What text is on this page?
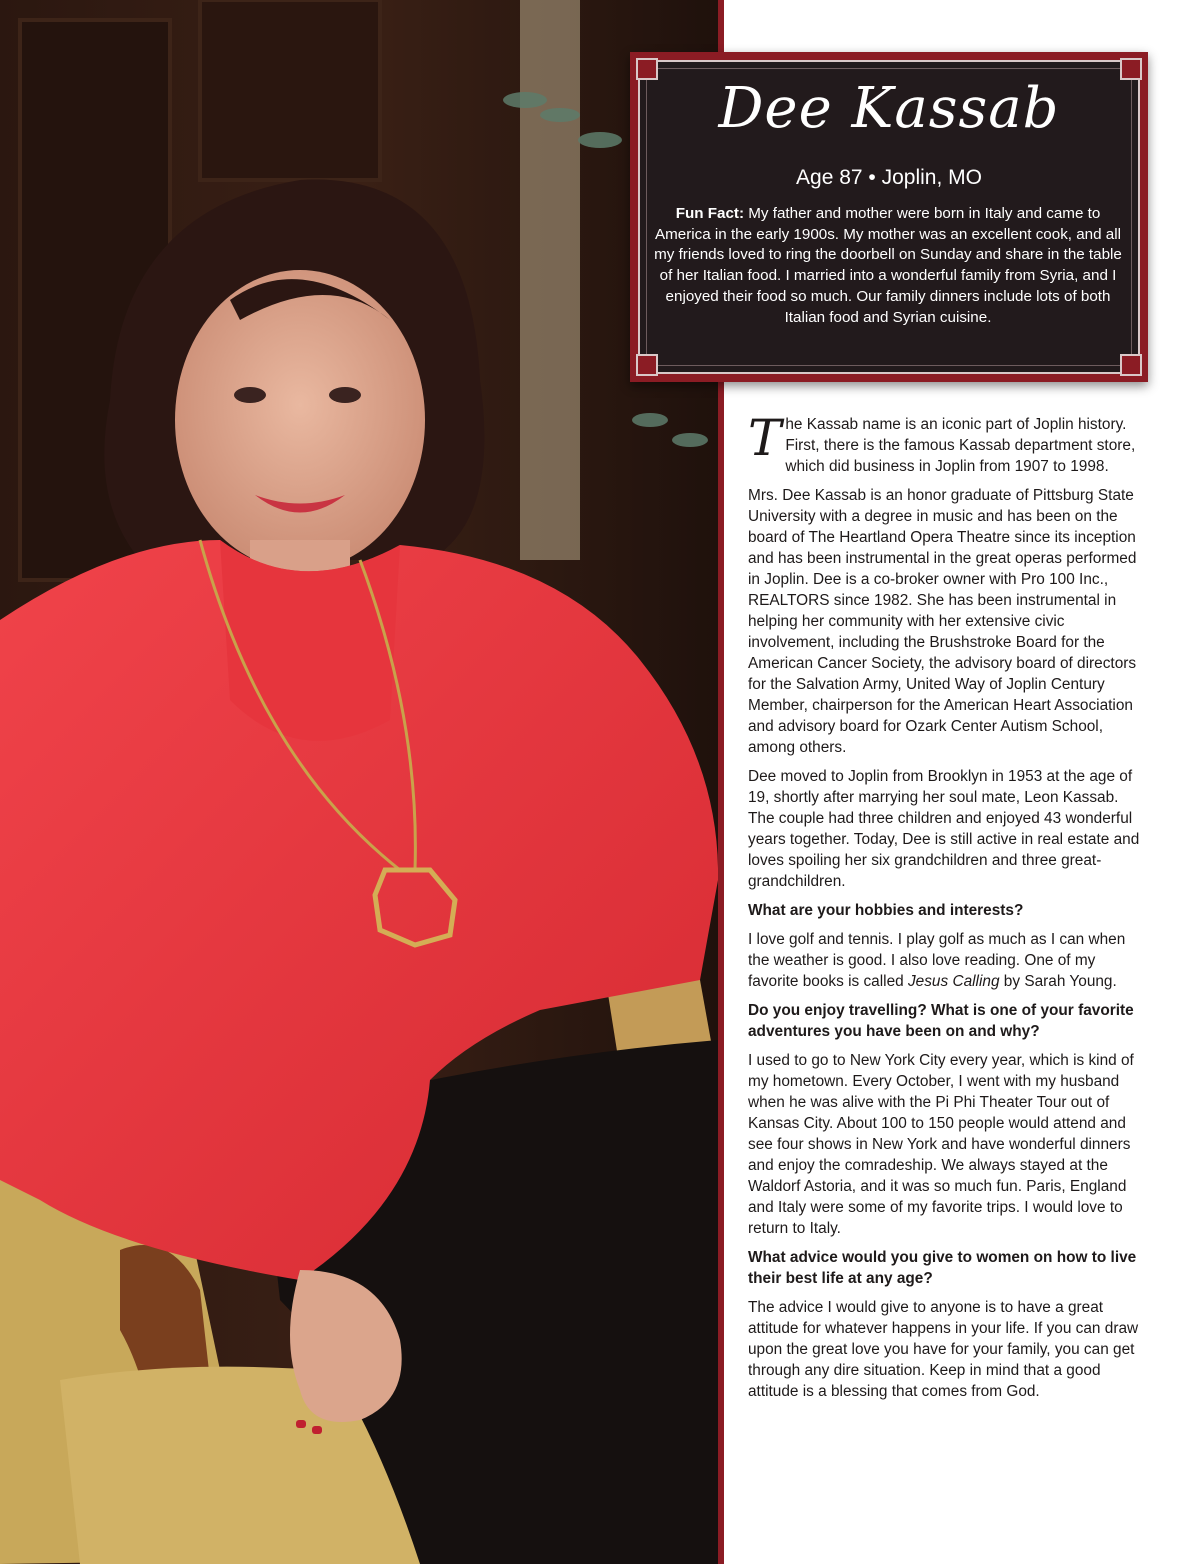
Dee Kassab
Age 87 • Joplin, MO
Fun Fact: My father and mother were born in Italy and came to America in the early 1900s. My mother was an excellent cook, and all my friends loved to ring the doorbell on Sunday and share in the table of her Italian food. I married into a wonderful family from Syria, and I enjoyed their food so much. Our family dinners include lots of both Italian food and Syrian cuisine.

The Kassab name is an iconic part of Joplin history. First, there is the famous Kassab department store, which did business in Joplin from 1907 to 1998.

Mrs. Dee Kassab is an honor graduate of Pittsburg State University with a degree in music and has been on the board of The Heartland Opera Theatre since its inception and has been instrumental in the great operas performed in Joplin. Dee is a co-broker owner with Pro 100 Inc., REALTORS since 1982. She has been instrumental in helping her community with her extensive civic involvement, including the Brushstroke Board for the American Cancer Society, the advisory board of directors for the Salvation Army, United Way of Joplin Century Member, chairperson for the American Heart Association and advisory board for Ozark Center Autism School, among others.

Dee moved to Joplin from Brooklyn in 1953 at the age of 19, shortly after marrying her soul mate, Leon Kassab. The couple had three children and enjoyed 43 wonderful years together. Today, Dee is still active in real estate and loves spoiling her six grandchildren and three great-grandchildren.

What are your hobbies and interests?

I love golf and tennis. I play golf as much as I can when the weather is good. I also love reading. One of my favorite books is called Jesus Calling by Sarah Young.

Do you enjoy travelling? What is one of your favorite adventures you have been on and why?

I used to go to New York City every year, which is kind of my hometown. Every October, I went with my husband when he was alive with the Pi Phi Theater Tour out of Kansas City. About 100 to 150 people would attend and see four shows in New York and have wonderful dinners and enjoy the comradeship. We always stayed at the Waldorf Astoria, and it was so much fun. Paris, England and Italy were some of my favorite trips. I would love to return to Italy.

What advice would you give to women on how to live their best life at any age?

The advice I would give to anyone is to have a great attitude for whatever happens in your life. If you can draw upon the great love you have for your family, you can get through any dire situation. Keep in mind that a good attitude is a blessing that comes from God.
